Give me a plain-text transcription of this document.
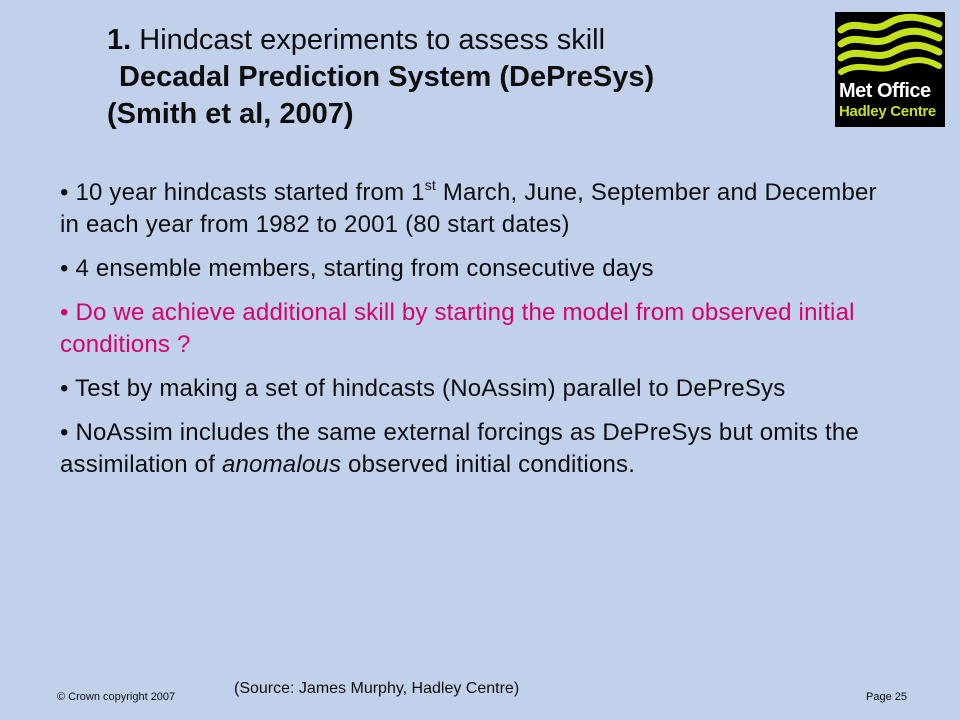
1. Hindcast experiments to assess skill
Decadal Prediction System (DePreSys)
(Smith et al, 2007)
Met Office
Hadley Centre
• 10 year hindcasts started from 1st March, June, September and December in each year from 1982 to 2001 (80 start dates)
• 4 ensemble members, starting from consecutive days
• Do we achieve additional skill by starting the model from observed initial conditions ?
• Test by making a set of hindcasts (NoAssim) parallel to DePreSys
• NoAssim includes the same external forcings as DePreSys but omits the assimilation of anomalous observed initial conditions.
© Crown copyright 2007	(Source: James Murphy, Hadley Centre)	Page 25
